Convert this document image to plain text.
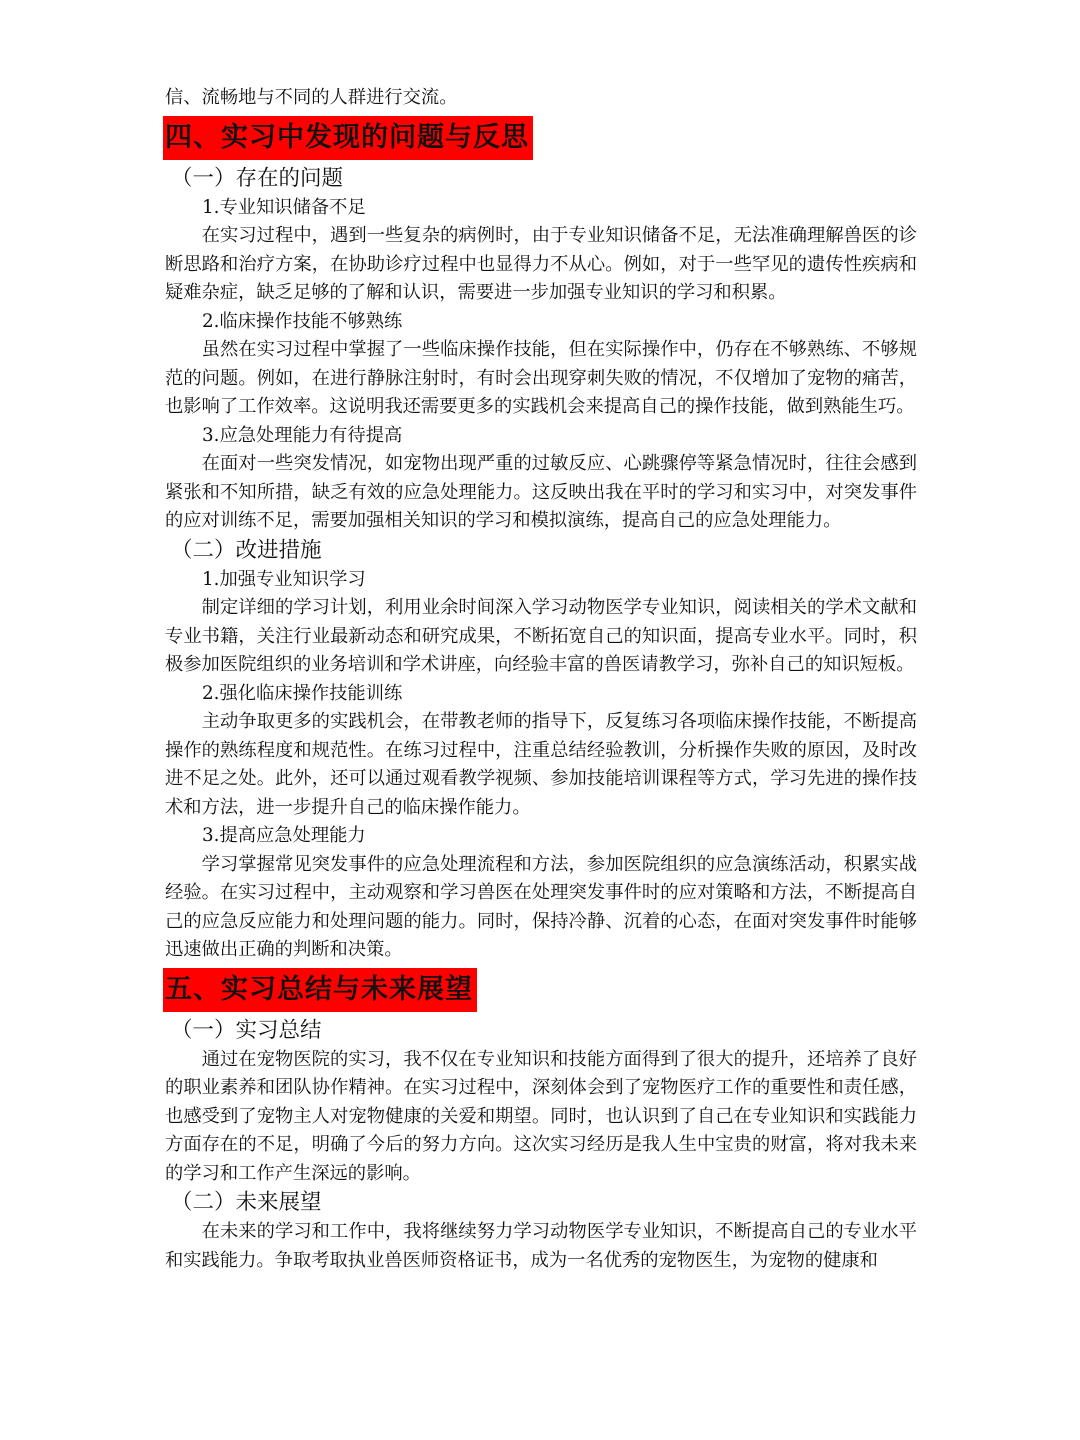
信、流畅地与不同的人群进行交流。

四、实习中发现的问题与反思
（一）存在的问题

1.专业知识储备不足

在实习过程中，遇到一些复杂的病例时，由于专业知识储备不足，无法准确理解兽医的诊断思路和治疗方案，在协助诊疗过程中也显得力不从心。例如，对于一些罕见的遗传性疾病和疑难杂症，缺乏足够的了解和认识，需要进一步加强专业知识的学习和积累。

2.临床操作技能不够熟练

虽然在实习过程中掌握了一些临床操作技能，但在实际操作中，仍存在不够熟练、不够规范的问题。例如，在进行静脉注射时，有时会出现穿刺失败的情况，不仅增加了宠物的痛苦，也影响了工作效率。这说明我还需要更多的实践机会来提高自己的操作技能，做到熟能生巧。

3.应急处理能力有待提高

在面对一些突发情况，如宠物出现严重的过敏反应、心跳骤停等紧急情况时，往往会感到紧张和不知所措，缺乏有效的应急处理能力。这反映出我在平时的学习和实习中，对突发事件的应对训练不足，需要加强相关知识的学习和模拟演练，提高自己的应急处理能力。

（二）改进措施

1.加强专业知识学习

制定详细的学习计划，利用业余时间深入学习动物医学专业知识，阅读相关的学术文献和专业书籍，关注行业最新动态和研究成果，不断拓宽自己的知识面，提高专业水平。同时，积极参加医院组织的业务培训和学术讲座，向经验丰富的兽医请教学习，弥补自己的知识短板。

2.强化临床操作技能训练

主动争取更多的实践机会，在带教老师的指导下，反复练习各项临床操作技能，不断提高操作的熟练程度和规范性。在练习过程中，注重总结经验教训，分析操作失败的原因，及时改进不足之处。此外，还可以通过观看教学视频、参加技能培训课程等方式，学习先进的操作技术和方法，进一步提升自己的临床操作能力。

3.提高应急处理能力

学习掌握常见突发事件的应急处理流程和方法，参加医院组织的应急演练活动，积累实战经验。在实习过程中，主动观察和学习兽医在处理突发事件时的应对策略和方法，不断提高自己的应急反应能力和处理问题的能力。同时，保持冷静、沉着的心态，在面对突发事件时能够迅速做出正确的判断和决策。

五、实习总结与未来展望
（一）实习总结

通过在宠物医院的实习，我不仅在专业知识和技能方面得到了很大的提升，还培养了良好的职业素养和团队协作精神。在实习过程中，深刻体会到了宠物医疗工作的重要性和责任感，也感受到了宠物主人对宠物健康的关爱和期望。同时，也认识到了自己在专业知识和实践能力方面存在的不足，明确了今后的努力方向。这次实习经历是我人生中宝贵的财富，将对我未来的学习和工作产生深远的影响。

（二）未来展望

在未来的学习和工作中，我将继续努力学习动物医学专业知识，不断提高自己的专业水平和实践能力。争取考取执业兽医师资格证书，成为一名优秀的宠物医生，为宠物的健康和
